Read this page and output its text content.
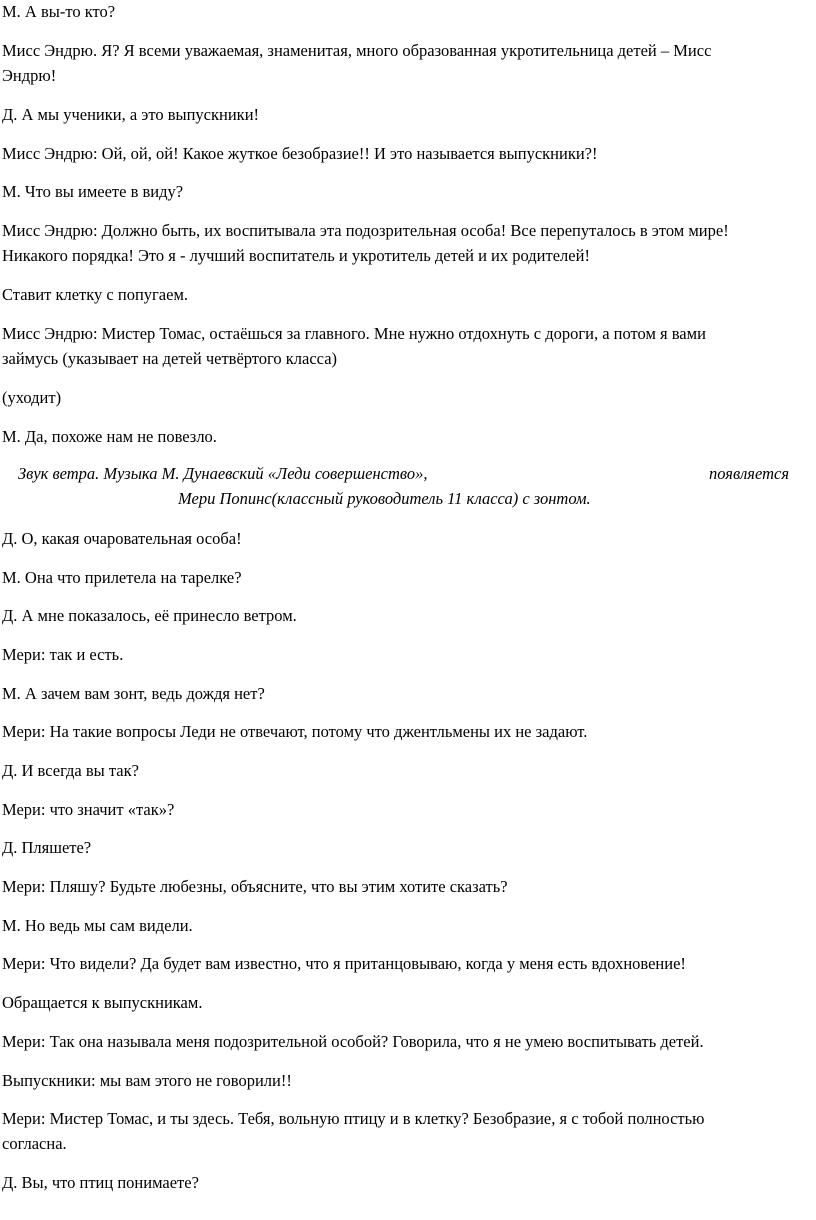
М. А вы-то кто?

Мисс Эндрю. Я? Я всеми уважаемая, знаменитая, много образованная укротительница детей – Мисс

Эндрю!

Д. А мы ученики, а это выпускники!

Мисс Эндрю: Ой, ой, ой! Какое жуткое безобразие!! И это называется выпускники?!

М. Что вы имеете в виду?

Мисс Эндрю: Должно быть, их воспитывала эта подозрительная особа! Все перепуталось в этом мире!

Никакого порядка! Это я - лучший воспитатель и укротитель детей и их родителей!

Ставит клетку с попугаем.

Мисс Эндрю: Мистер Томас, остаёшься за главного. Мне нужно отдохнуть с дороги, а потом я вами

займусь (указывает на детей четвёртого класса)

(уходит)

М. Да, похоже нам не повезло.

Звук ветра. Музыка М. Дунаевский «Леди совершенство»,	появляется

Мери Попинс(классный руководитель 11 класса) с зонтом.

Д. О, какая очаровательная особа!

М. Она что прилетела на тарелке?

Д. А мне показалось, её принесло ветром.

Мери: так и есть.

М. А зачем вам зонт, ведь дождя нет?

Мери: На такие вопросы Леди не отвечают, потому что джентльмены их не задают.

Д. И всегда вы так?

Мери: что значит «так»?

Д. Пляшете?

Мери: Пляшу? Будьте любезны, объясните, что вы этим хотите сказать?

М. Но ведь мы сам видели.

Мери: Что видели? Да будет вам известно, что я пританцовываю, когда у меня есть вдохновение!

Обращается к выпускникам.

Мери: Так она называла меня подозрительной особой? Говорила, что я не умею воспитывать детей.

Выпускники: мы вам этого не говорили!!

Мери: Мистер Томас, и ты здесь. Тебя, вольную птицу и в клетку? Безобразие, я с тобой полностью

согласна.

Д. Вы, что птиц понимаете?
